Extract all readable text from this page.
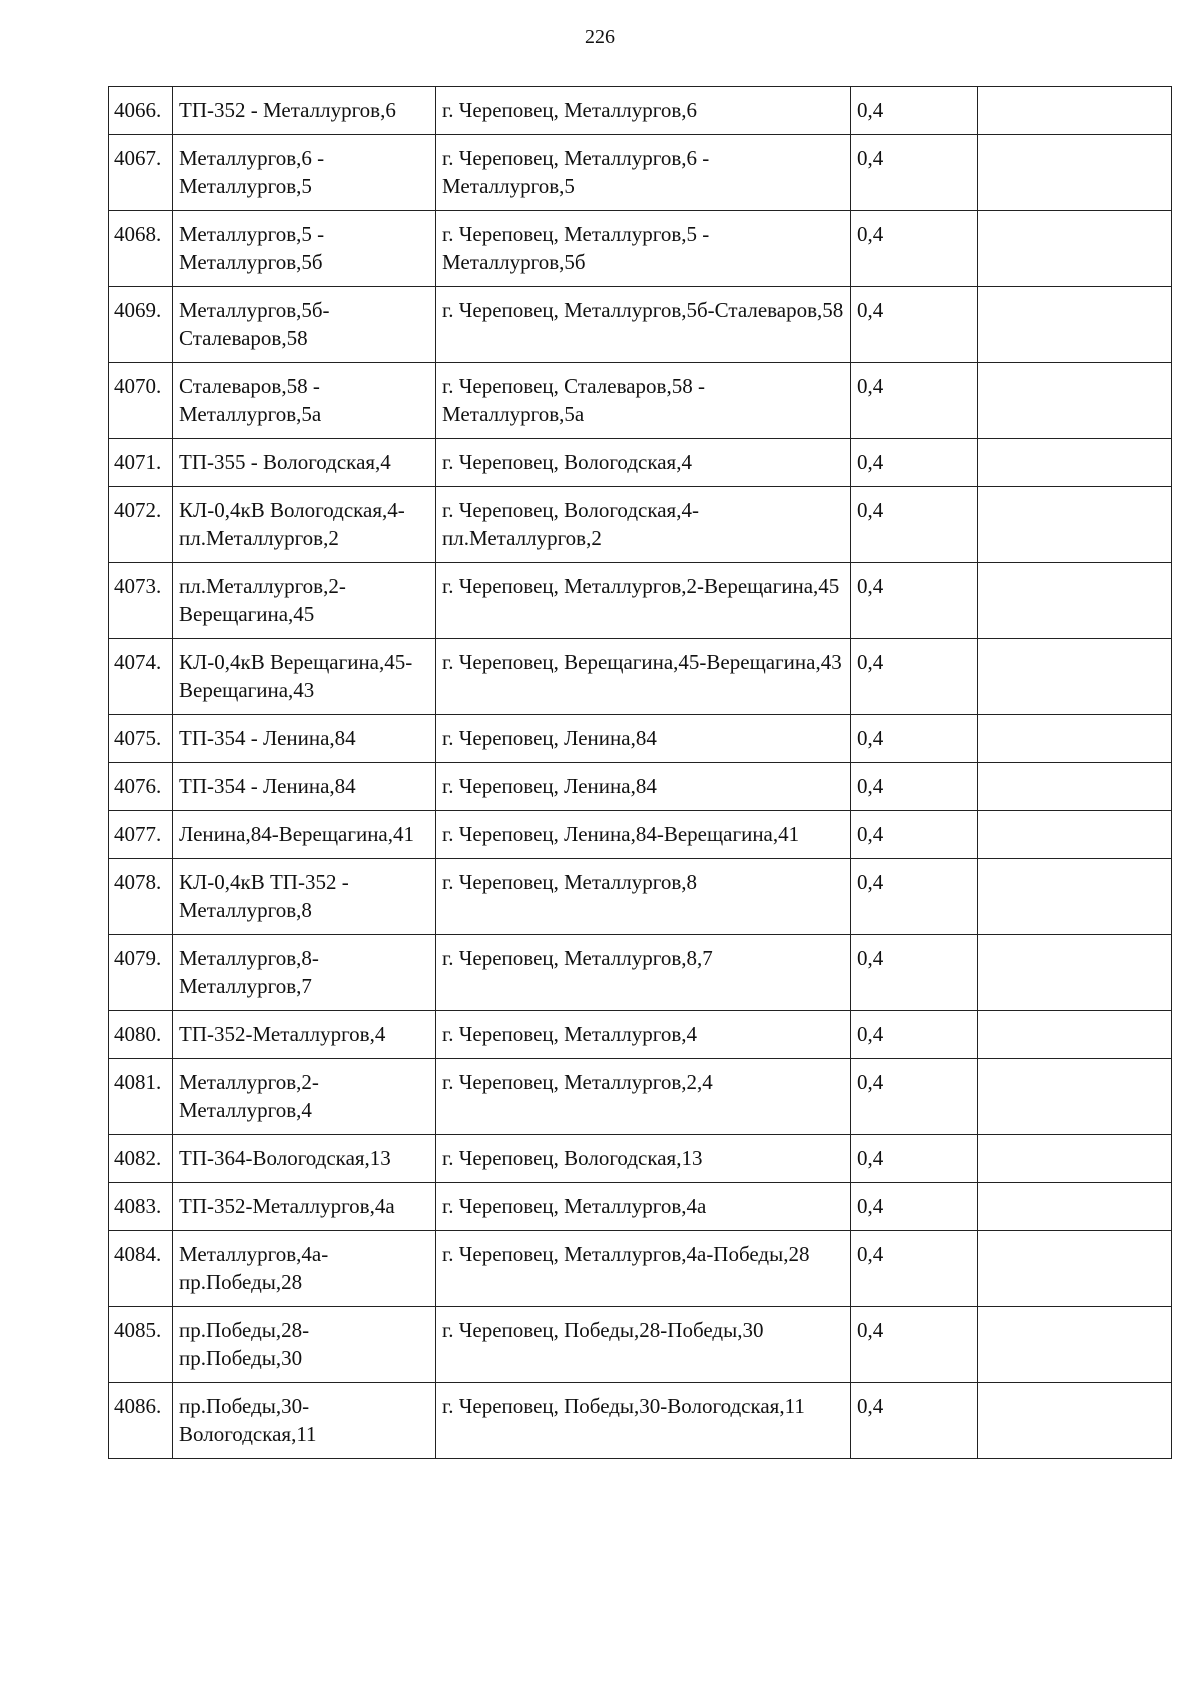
226
4066.	ТП-352 - Металлургов,6	г. Череповец, Металлургов,6	0,4	
4067.	Металлургов,6 - Металлургов,5	г. Череповец, Металлургов,6 - Металлургов,5	0,4	
4068.	Металлургов,5 - Металлургов,5б	г. Череповец, Металлургов,5 - Металлургов,5б	0,4	
4069.	Металлургов,5б-Сталеваров,58	г. Череповец, Металлургов,5б-Сталеваров,58	0,4	
4070.	Сталеваров,58 - Металлургов,5а	г. Череповец, Сталеваров,58 - Металлургов,5а	0,4	
4071.	ТП-355 - Вологодская,4	г. Череповец, Вологодская,4	0,4	
4072.	КЛ-0,4кВ Вологодская,4-пл.Металлургов,2	г. Череповец, Вологодская,4-пл.Металлургов,2	0,4	
4073.	пл.Металлургов,2-Верещагина,45	г. Череповец, Металлургов,2-Верещагина,45	0,4	
4074.	КЛ-0,4кВ Верещагина,45-Верещагина,43	г. Череповец, Верещагина,45-Верещагина,43	0,4	
4075.	ТП-354 - Ленина,84	г. Череповец, Ленина,84	0,4	
4076.	ТП-354 - Ленина,84	г. Череповец, Ленина,84	0,4	
4077.	Ленина,84-Верещагина,41	г. Череповец, Ленина,84-Верещагина,41	0,4	
4078.	КЛ-0,4кВ ТП-352 - Металлургов,8	г. Череповец, Металлургов,8	0,4	
4079.	Металлургов,8-Металлургов,7	г. Череповец, Металлургов,8,7	0,4	
4080.	ТП-352-Металлургов,4	г. Череповец, Металлургов,4	0,4	
4081.	Металлургов,2-Металлургов,4	г. Череповец, Металлургов,2,4	0,4	
4082.	ТП-364-Вологодская,13	г. Череповец, Вологодская,13	0,4	
4083.	ТП-352-Металлургов,4а	г. Череповец, Металлургов,4а	0,4	
4084.	Металлургов,4а-пр.Победы,28	г. Череповец, Металлургов,4а-Победы,28	0,4	
4085.	пр.Победы,28-пр.Победы,30	г. Череповец, Победы,28-Победы,30	0,4	
4086.	пр.Победы,30-Вологодская,11	г. Череповец, Победы,30-Вологодская,11	0,4	
